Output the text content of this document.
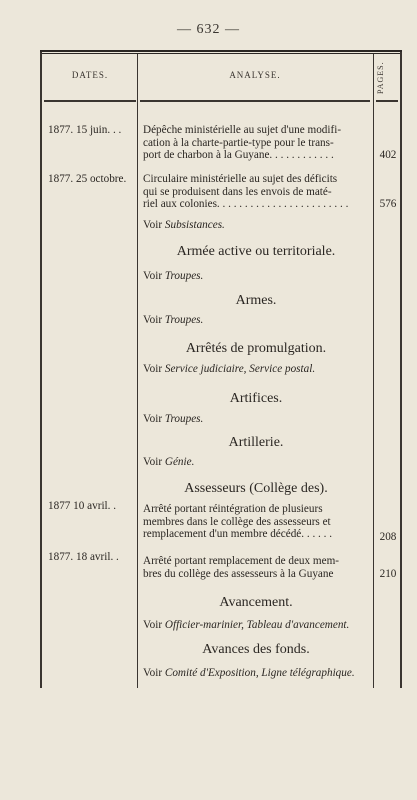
— 632 —
DATES.	ANALYSE.	PAGES.
1877. 15 juin. . .	Dépêche ministérielle au sujet d'une modifi-
cation à la charte-partie-type pour le trans-
port de charbon à la Guyane. . . . . . . . . . . .	402
1877. 25 octobre.	Circulaire ministérielle au sujet des déficits
qui se produisent dans les envois de maté-
riel aux colonies. . . . . . . . . . . . . . . . . . . . . . . .	576
Voir Subsistances.
Armée active ou territoriale.
Voir Troupes.
Armes.
Voir Troupes.
Arrêtés de promulgation.
Voir Service judiciaire, Service postal.
Artifices.
Voir Troupes.
Artillerie.
Voir Génie.
Assesseurs (Collège des).
1877 10 avril. .	Arrêté portant réintégration de plusieurs
membres dans le collège des assesseurs et
remplacement d'un membre décédé. . . . . .	208
1877. 18 avril. .	Arrêté portant remplacement de deux mem-
bres du collège des assesseurs à la Guyane	210
Avancement.
Voir Officier-marinier, Tableau d'avancement.
Avances des fonds.
Voir Comité d'Exposition, Ligne télégraphique.
